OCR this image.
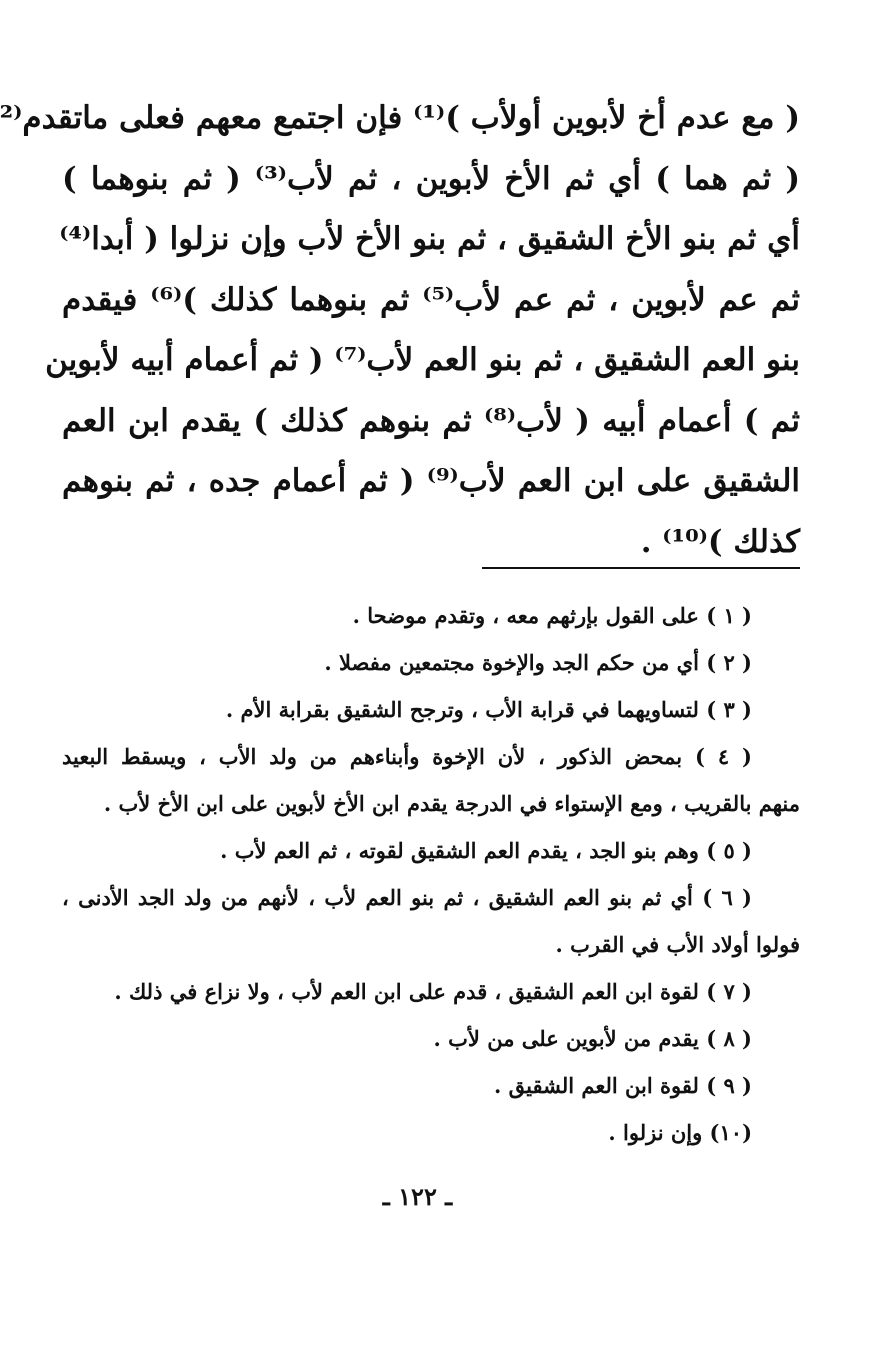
( مع عدم أخ لأبوين أولأب )⁽¹⁾ فإن اجتمع معهم فعلى ماتقدم⁽²
( ثم هما ) أي ثم الأخ لأبوين ، ثم لأب⁽³⁾ ( ثم بنوهما )
أي ثم بنو الأخ الشقيق ، ثم بنو الأخ لأب وإن نزلوا ( أبدا⁽⁴⁾
ثم عم لأبوين ، ثم عم لأب⁽⁵⁾ ثم بنوهما كذلك )⁽⁶⁾ فيقدم
بنو العم الشقيق ، ثم بنو العم لأب⁽⁷⁾ ( ثم أعمام أبيه لأبوين
ثم ) أعمام أبيه ( لأب⁽⁸⁾ ثم بنوهم كذلك ) يقدم ابن العم
الشقيق على ابن العم لأب⁽⁹⁾ ( ثم أعمام جده ، ثم بنوهم
كذلك )⁽¹⁰⁾ .
( ١ ) على القول بإرثهم معه ، وتقدم موضحا .
( ٢ ) أي من حكم الجد والإخوة مجتمعين مفصلا .
( ٣ ) لتساويهما في قرابة الأب ، وترجح الشقيق بقرابة الأم .
( ٤ ) بمحض الذكور ، لأن الإخوة وأبناءهم من ولد الأب ، ويسقط البعيد
منهم بالقريب ، ومع الإستواء في الدرجة يقدم ابن الأخ لأبوين على ابن الأخ لأب .
( ٥ ) وهم بنو الجد ، يقدم العم الشقيق لقوته ، ثم العم لأب .
( ٦ ) أي ثم بنو العم الشقيق ، ثم بنو العم لأب ، لأنهم من ولد الجد الأدنى ،
فولوا أولاد الأب في القرب .
( ٧ ) لقوة ابن العم الشقيق ، قدم على ابن العم لأب ، ولا نزاع في ذلك .
( ٨ ) يقدم من لأبوين على من لأب .
( ٩ ) لقوة ابن العم الشقيق .
(١٠) وإن نزلوا .
ـ ١٢٢ ـ
